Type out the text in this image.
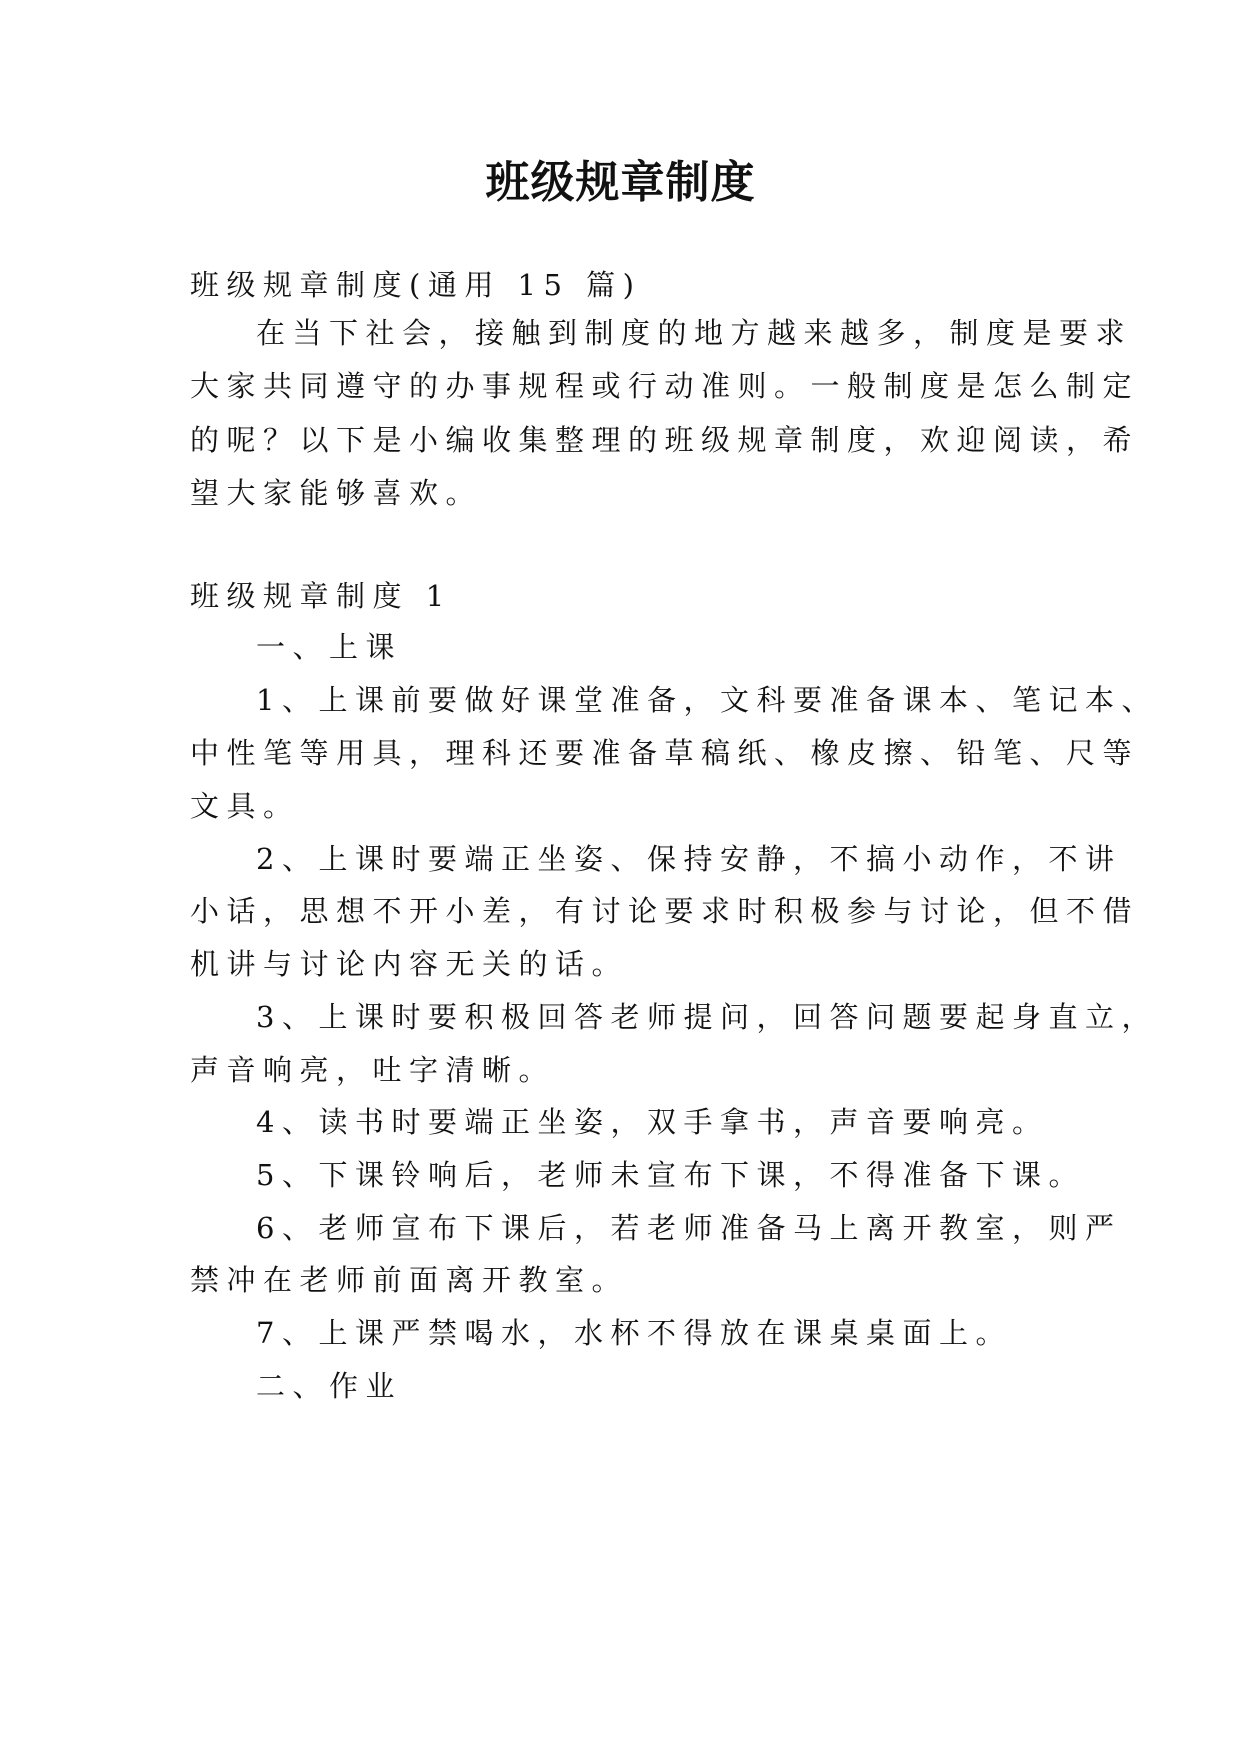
班级规章制度
班级规章制度(通用 15 篇)
在当下社会，接触到制度的地方越来越多，制度是要求
大家共同遵守的办事规程或行动准则。一般制度是怎么制定
的呢？以下是小编收集整理的班级规章制度，欢迎阅读，希
望大家能够喜欢。
班级规章制度 1
一、上课
1、上课前要做好课堂准备，文科要准备课本、笔记本、
中性笔等用具，理科还要准备草稿纸、橡皮擦、铅笔、尺等
文具。
2、上课时要端正坐姿、保持安静，不搞小动作，不讲
小话，思想不开小差，有讨论要求时积极参与讨论，但不借
机讲与讨论内容无关的话。
3、上课时要积极回答老师提问，回答问题要起身直立，
声音响亮，吐字清晰。
4、读书时要端正坐姿，双手拿书，声音要响亮。
5、下课铃响后，老师未宣布下课，不得准备下课。
6、老师宣布下课后，若老师准备马上离开教室，则严
禁冲在老师前面离开教室。
7、上课严禁喝水，水杯不得放在课桌桌面上。
二、作业
